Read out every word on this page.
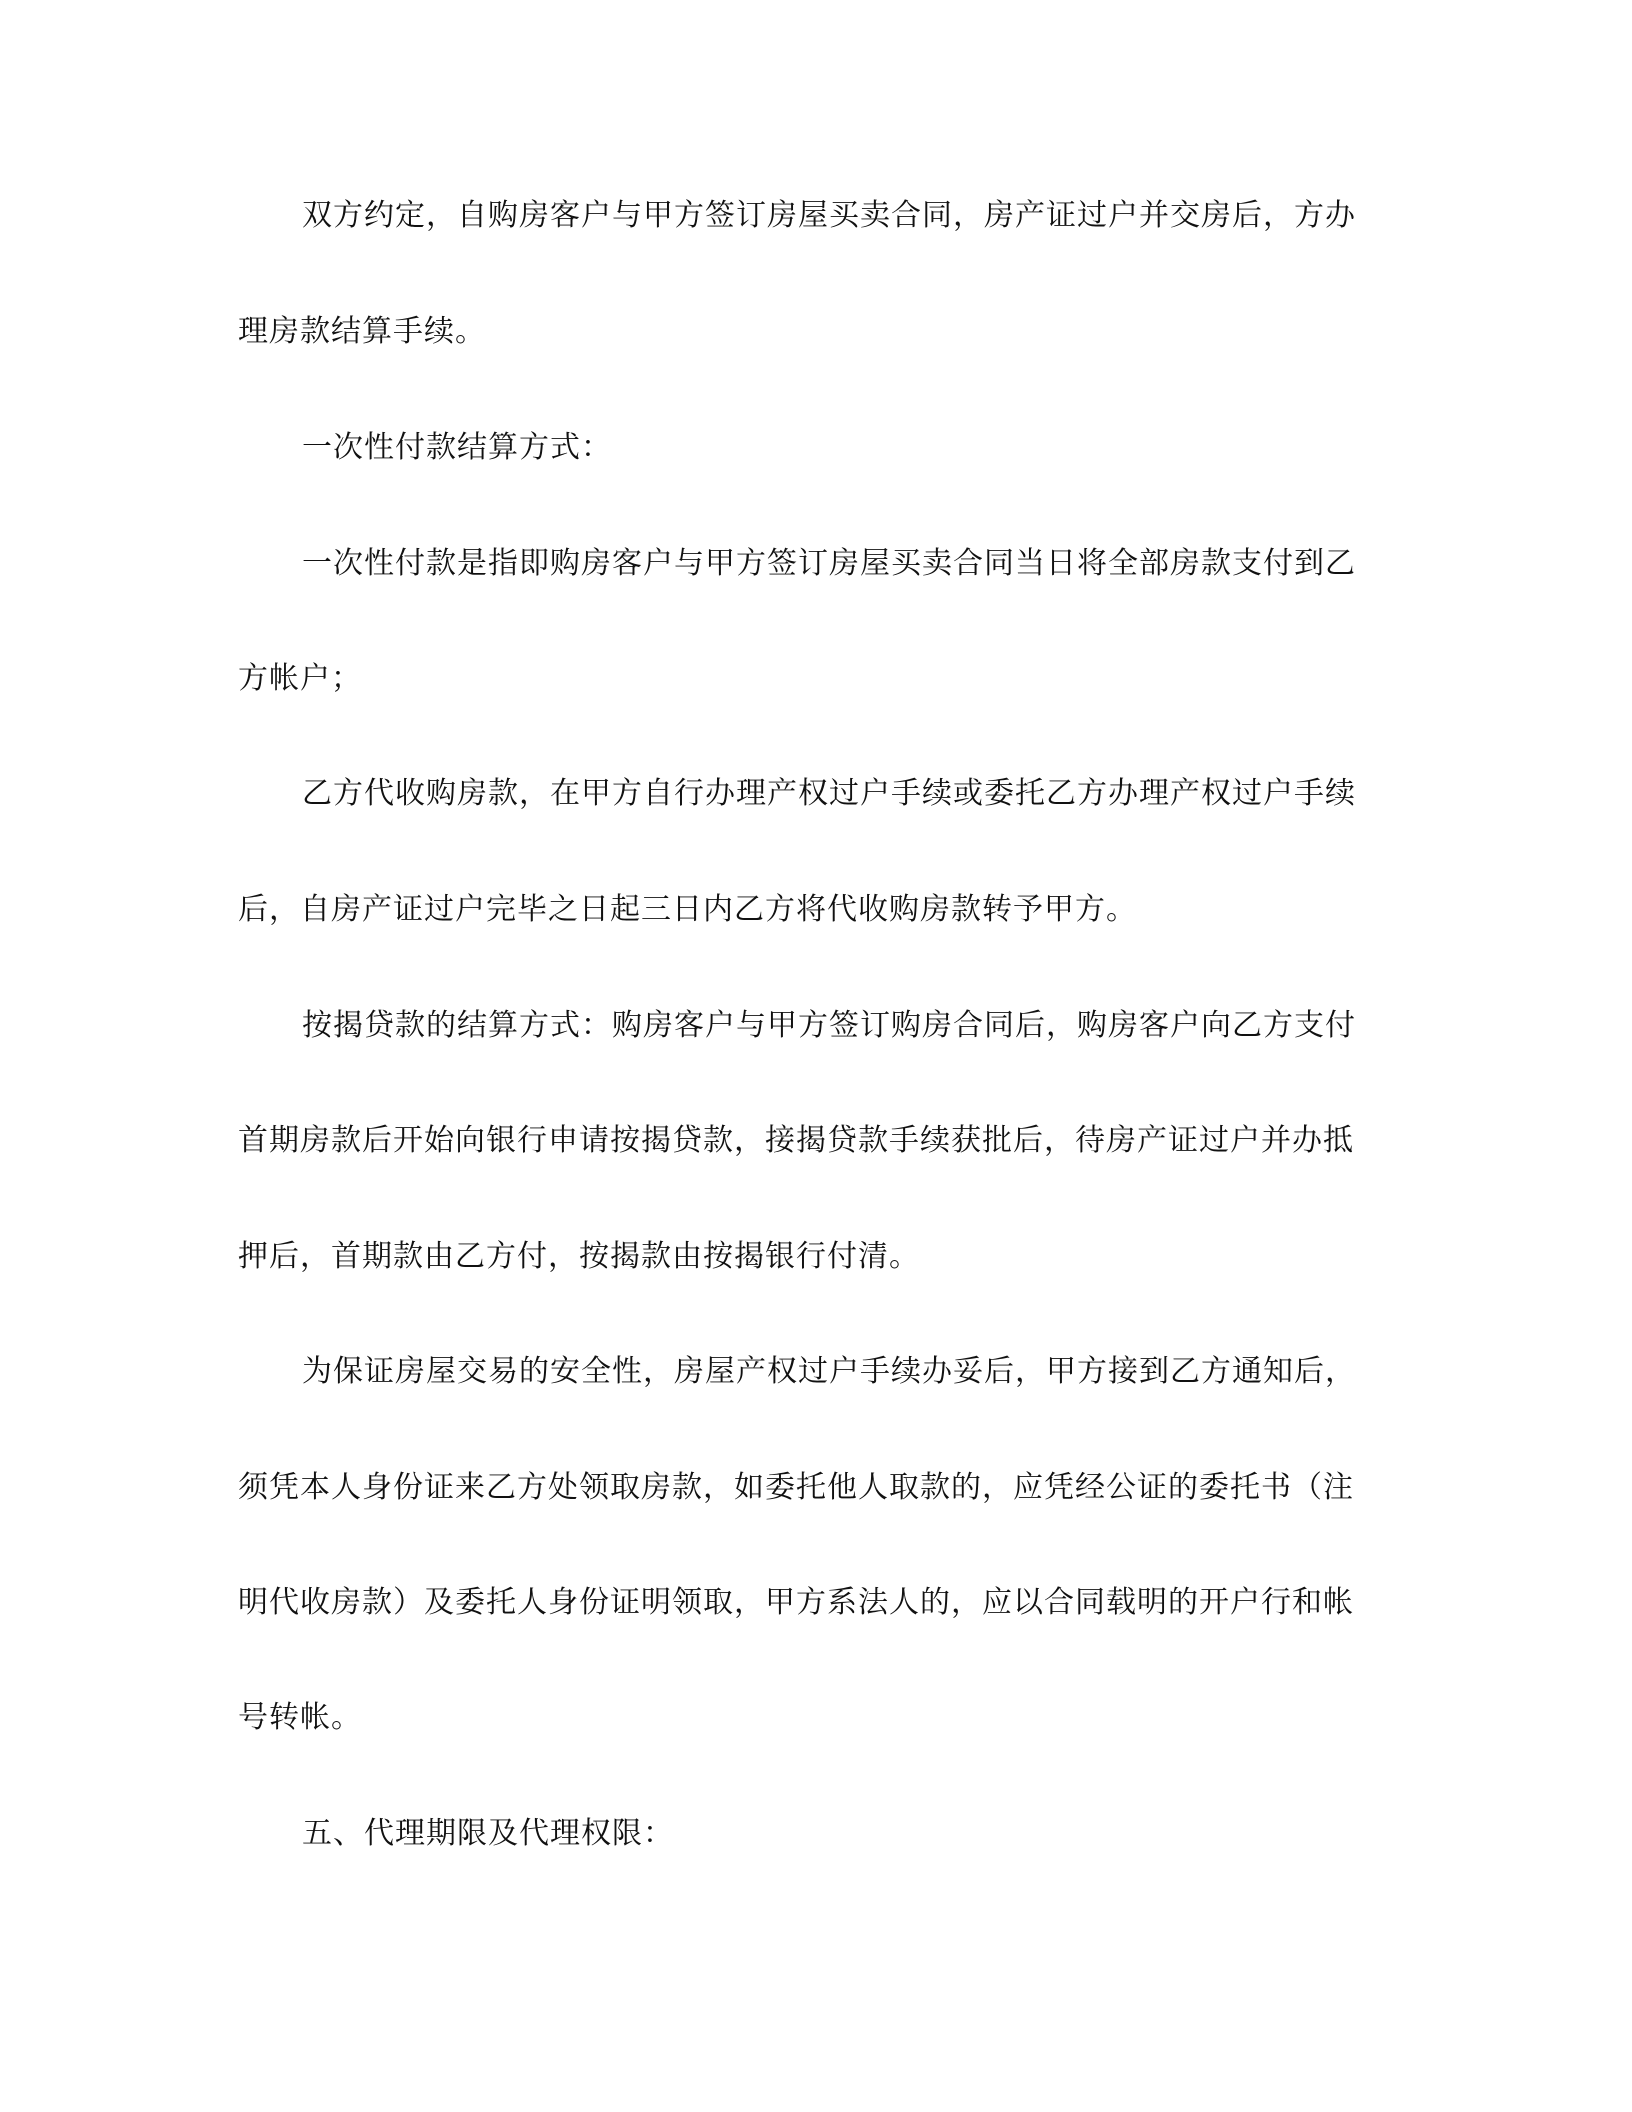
双方约定，自购房客户与甲方签订房屋买卖合同，房产证过户并交房后，方办
理房款结算手续。
一次性付款结算方式：
一次性付款是指即购房客户与甲方签订房屋买卖合同当日将全部房款支付到乙
方帐户；
乙方代收购房款，在甲方自行办理产权过户手续或委托乙方办理产权过户手续
后，自房产证过户完毕之日起三日内乙方将代收购房款转予甲方。
按揭贷款的结算方式：购房客户与甲方签订购房合同后，购房客户向乙方支付
首期房款后开始向银行申请按揭贷款，接揭贷款手续获批后，待房产证过户并办抵
押后，首期款由乙方付，按揭款由按揭银行付清。
为保证房屋交易的安全性，房屋产权过户手续办妥后，甲方接到乙方通知后，
须凭本人身份证来乙方处领取房款，如委托他人取款的，应凭经公证的委托书（注
明代收房款）及委托人身份证明领取，甲方系法人的，应以合同载明的开户行和帐
号转帐。
五、代理期限及代理权限：
